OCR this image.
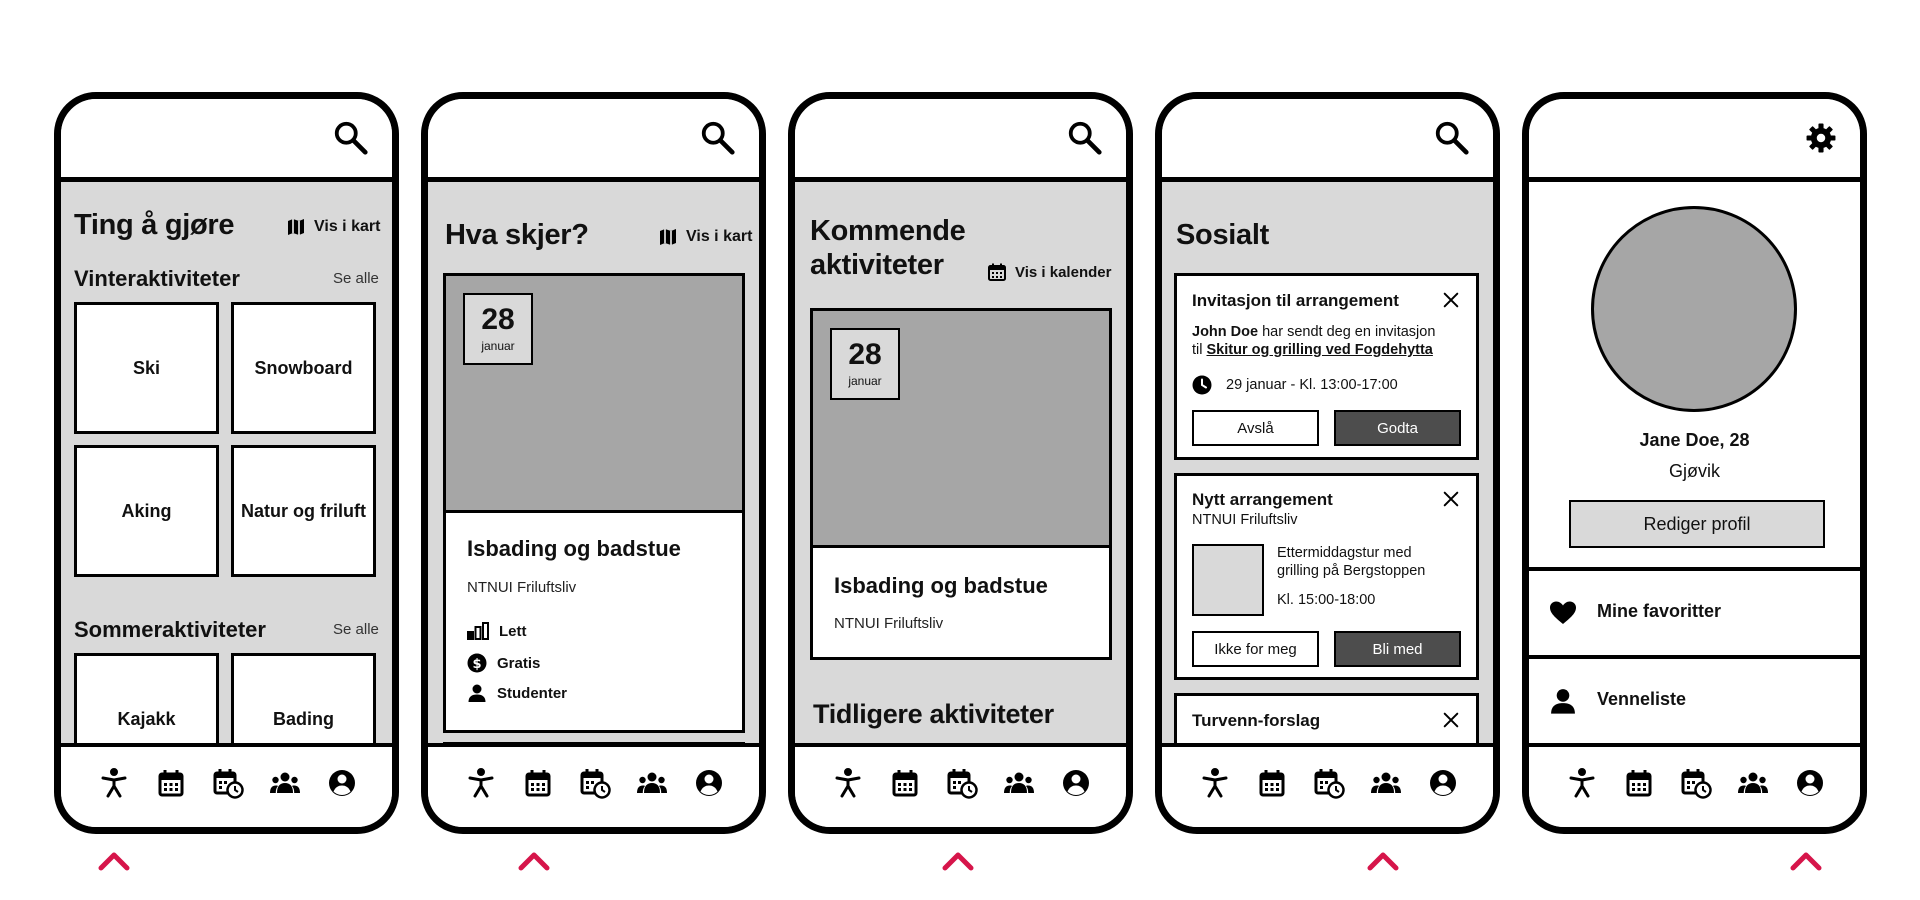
Ting å gjøre	Vis i kart
Vinteraktiviteter	Se alle
Ski	Snowboard
Aking	Natur og friluft
Sommeraktiviteter	Se alle
Kajakk	Bading
Hva skjer?	Vis i kart
28
januar
Isbading og badstue
NTNUI Friluftsliv
Lett
Gratis
Studenter
Kommende
aktiviteter	Vis i kalender
28
januar
Isbading og badstue
NTNUI Friluftsliv
Tidligere aktiviteter
Sosialt
Invitasjon til arrangement
John Doe har sendt deg en invitasjon
til Skitur og grilling ved Fogdehytta
29 januar - Kl. 13:00-17:00
Avslå	Godta
Nytt arrangement
NTNUI Friluftsliv
Ettermiddagstur med grilling på Bergstoppen
Kl. 15:00-18:00
Ikke for meg	Bli med
Turvenn-forslag
Jane Doe, 28
Gjøvik
Rediger profil
Mine favoritter
Venneliste
